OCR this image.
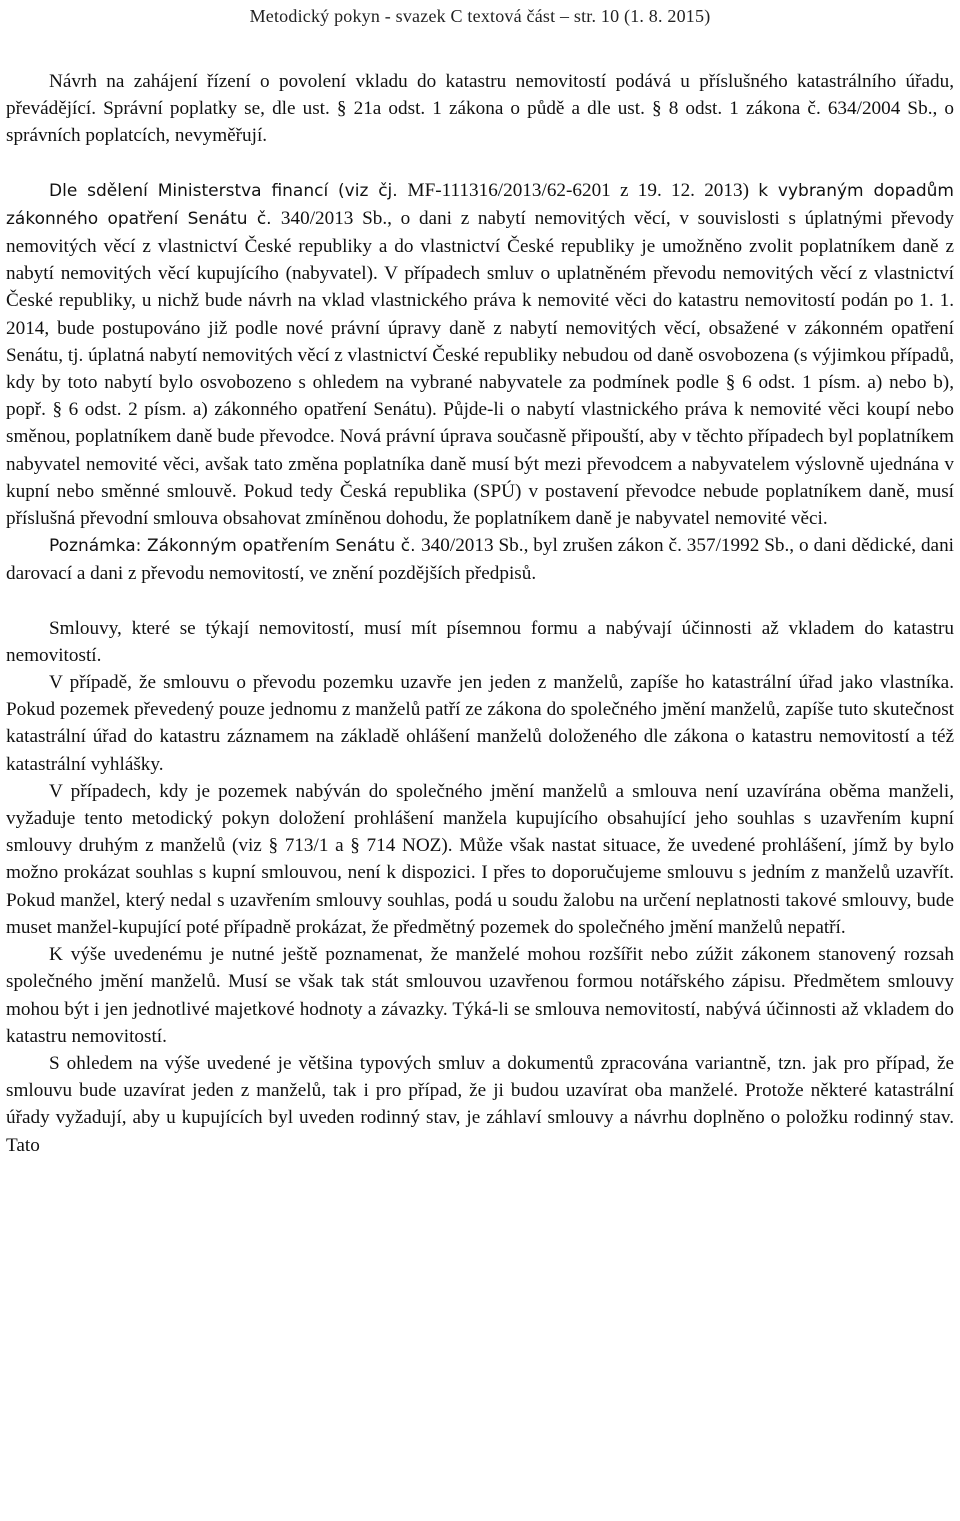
Metodický pokyn - svazek C textová část – str. 10 (1. 8. 2015)

Návrh na zahájení řízení o povolení vkladu do katastru nemovitostí podává u příslušného katastrálního úřadu, převádějící. Správní poplatky se, dle ust. § 21a odst. 1 zákona o půdě a dle ust. § 8 odst. 1 zákona č. 634/2004 Sb., o správních poplatcích, nevyměřují.

Dle sdělení Ministerstva financí (viz čj. MF-111316/2013/62-6201 z 19. 12. 2013) k vybraným dopadům zákonného opatření Senátu č. 340/2013 Sb., o dani z nabytí nemovitých věcí, v souvislosti s úplatnými převody nemovitých věcí z vlastnictví České republiky a do vlastnictví České republiky je umožněno zvolit poplatníkem daně z nabytí nemovitých věcí kupujícího (nabyvatel). V případech smluv o uplatněném převodu nemovitých věcí z vlastnictví České republiky, u nichž bude návrh na vklad vlastnického práva k nemovité věci do katastru nemovitostí podán po 1. 1. 2014, bude postupováno již podle nové právní úpravy daně z nabytí nemovitých věcí, obsažené v zákonném opatření Senátu, tj. úplatná nabytí nemovitých věcí z vlastnictví České republiky nebudou od daně osvobozena (s výjimkou případů, kdy by toto nabytí bylo osvobozeno s ohledem na vybrané nabyvatele za podmínek podle § 6 odst. 1 písm. a) nebo b), popř. § 6 odst. 2 písm. a) zákonného opatření Senátu). Půjde-li o nabytí vlastnického práva k nemovité věci koupí nebo směnou, poplatníkem daně bude převodce. Nová právní úprava současně připouští, aby v těchto případech byl poplatníkem nabyvatel nemovité věci, avšak tato změna poplatníka daně musí být mezi převodcem a nabyvatelem výslovně ujednána v kupní nebo směnné smlouvě. Pokud tedy Česká republika (SPÚ) v postavení převodce nebude poplatníkem daně, musí příslušná převodní smlouva obsahovat zmíněnou dohodu, že poplatníkem daně je nabyvatel nemovité věci.

Poznámka: Zákonným opatřením Senátu č. 340/2013 Sb., byl zrušen zákon č. 357/1992 Sb., o dani dědické, dani darovací a dani z převodu nemovitostí, ve znění pozdějších předpisů.

Smlouvy, které se týkají nemovitostí, musí mít písemnou formu a nabývají účinnosti až vkladem do katastru nemovitostí.

V případě, že smlouvu o převodu pozemku uzavře jen jeden z manželů, zapíše ho katastrální úřad jako vlastníka. Pokud pozemek převedený pouze jednomu z manželů patří ze zákona do společného jmění manželů, zapíše tuto skutečnost katastrální úřad do katastru záznamem na základě ohlášení manželů doloženého dle zákona o katastru nemovitostí a též katastrální vyhlášky.

V případech, kdy je pozemek nabýván do společného jmění manželů a smlouva není uzavírána oběma manželi, vyžaduje tento metodický pokyn doložení prohlášení manžela kupujícího obsahující jeho souhlas s uzavřením kupní smlouvy druhým z manželů (viz § 713/1 a § 714 NOZ). Může však nastat situace, že uvedené prohlášení, jímž by bylo možno prokázat souhlas s kupní smlouvou, není k dispozici. I přes to doporučujeme smlouvu s jedním z manželů uzavřít. Pokud manžel, který nedal s uzavřením smlouvy souhlas, podá u soudu žalobu na určení neplatnosti takové smlouvy, bude muset manžel-kupující poté případně prokázat, že předmětný pozemek do společného jmění manželů nepatří.

K výše uvedenému je nutné ještě poznamenat, že manželé mohou rozšířit nebo zúžit zákonem stanovený rozsah společného jmění manželů. Musí se však tak stát smlouvou uzavřenou formou notářského zápisu. Předmětem smlouvy mohou být i jen jednotlivé majetkové hodnoty a závazky. Týká-li se smlouva nemovitostí, nabývá účinnosti až vkladem do katastru nemovitostí.

S ohledem na výše uvedené je většina typových smluv a dokumentů zpracována variantně, tzn. jak pro případ, že smlouvu bude uzavírat jeden z manželů, tak i pro případ, že ji budou uzavírat oba manželé. Protože některé katastrální úřady vyžadují, aby u kupujících byl uveden rodinný stav, je záhlaví smlouvy a návrhu doplněno o položku rodinný stav. Tato
